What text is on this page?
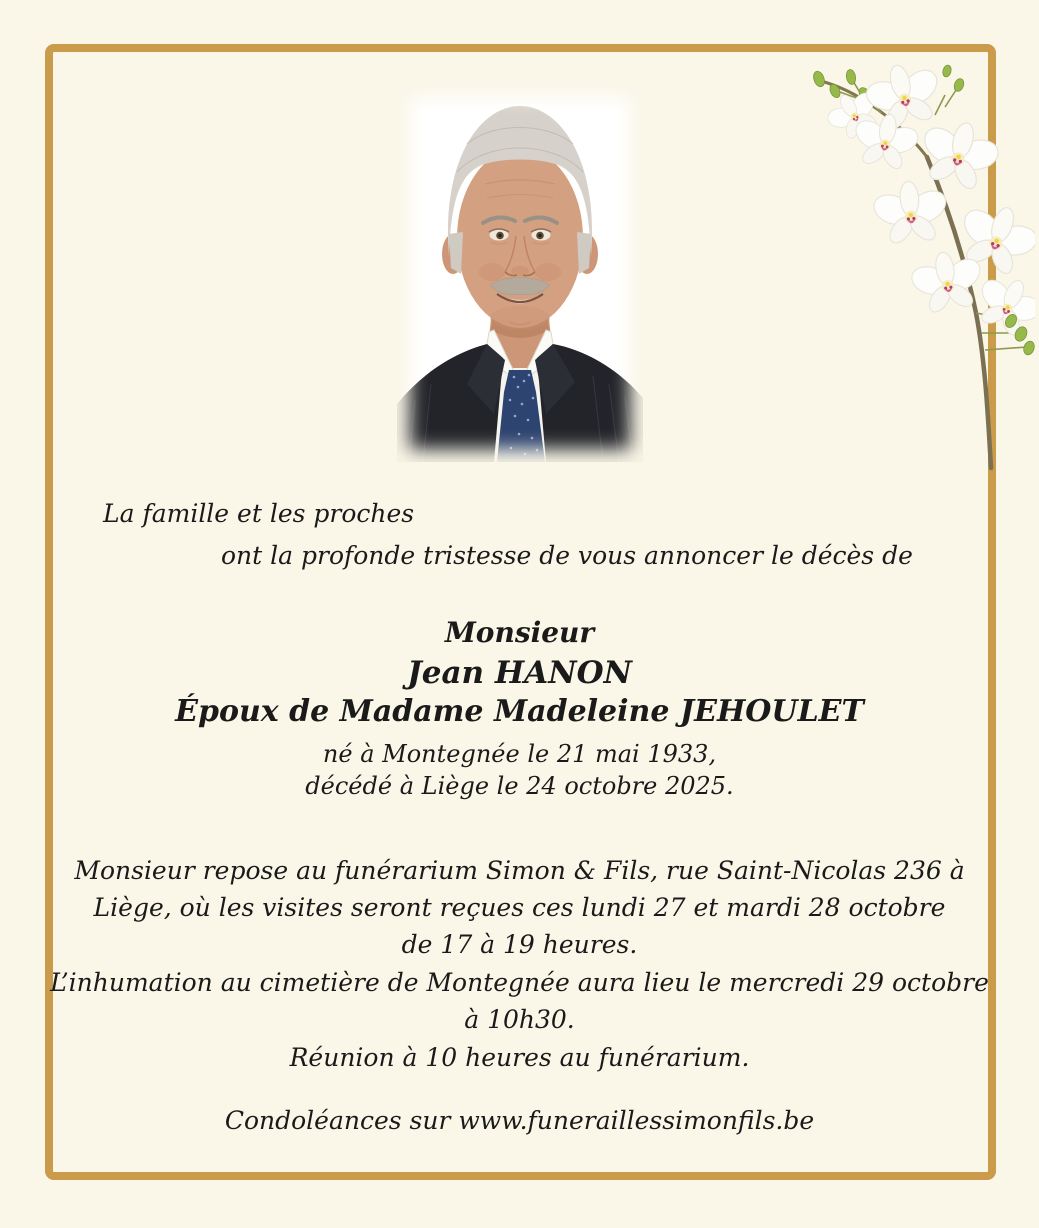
La famille et les proches
ont la profonde tristesse de vous annoncer le décès de
Monsieur
Jean HANON
Époux de Madame Madeleine JEHOULET
né à Montegnée le 21 mai 1933,
décédé à Liège le 24 octobre 2025.
Monsieur repose au funérarium Simon & Fils, rue Saint-Nicolas 236 à
Liège, où les visites seront reçues ces lundi 27 et mardi 28 octobre
de 17 à 19 heures.
L’inhumation au cimetière de Montegnée aura lieu le mercredi 29 octobre
à 10h30.
Réunion à 10 heures au funérarium.
Condoléances sur www.funeraillessimonfils.be
